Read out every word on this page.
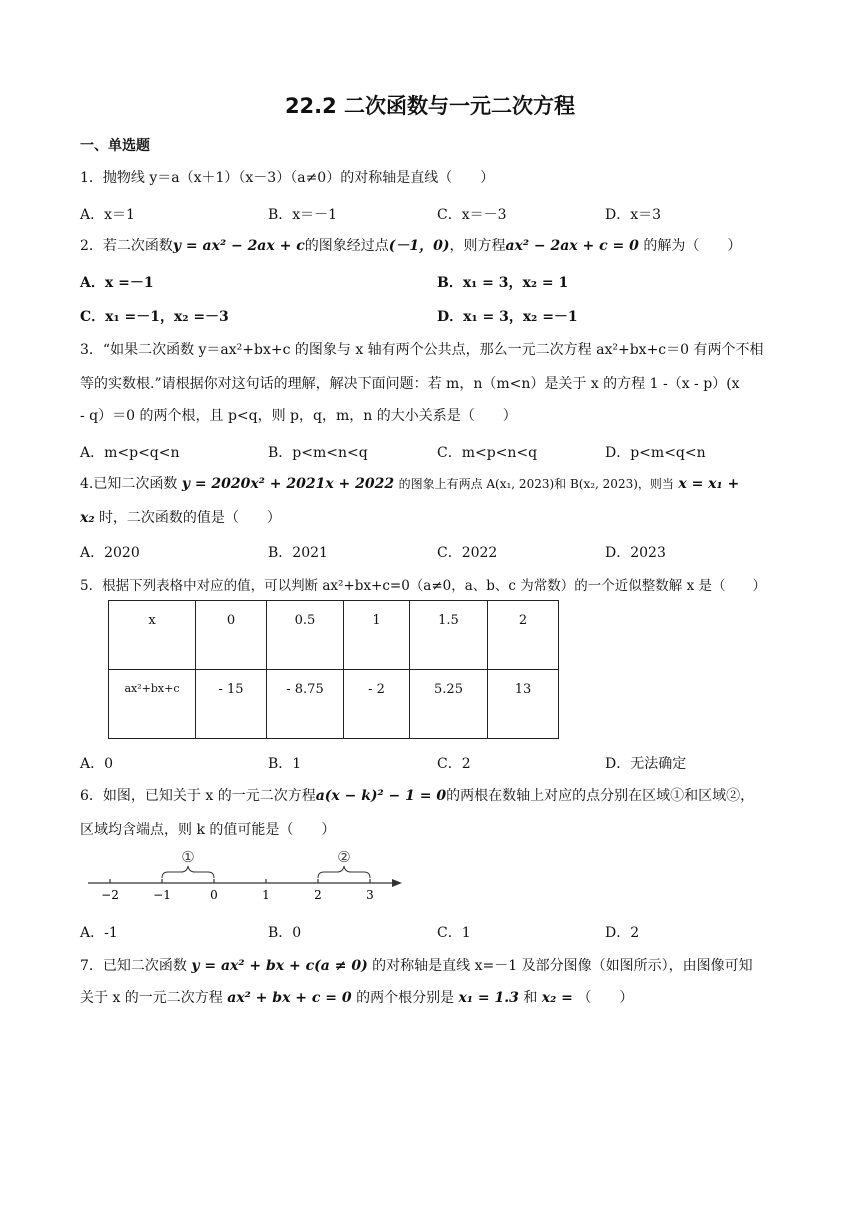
22.2 二次函数与一元二次方程
一、单选题
1．抛物线 y＝a（x＋1）（x－3）（a≠0）的对称轴是直线（　　）
A．x＝1	B．x＝－1	C．x＝－3	D．x＝3
2．若二次函数y = ax² − 2ax + c的图象经过点(－1，0)，则方程ax² − 2ax + c = 0 的解为（　　）
A．x =－1	B．x₁ = 3，x₂ = 1
C．x₁ =－1，x₂ =－3	D．x₁ = 3，x₂ =－1
3．“如果二次函数 y＝ax²+bx+c 的图象与 x 轴有两个公共点，那么一元二次方程 ax²+bx+c＝0 有两个不相
等的实数根.”请根据你对这句话的理解，解决下面问题：若 m，n（m<n）是关于 x 的方程 1 -（x - p）(x
- q）＝0 的两个根，且 p<q，则 p，q，m，n 的大小关系是（　　）
A．m<p<q<n	B．p<m<n<q	C．m<p<n<q	D．p<m<q<n
4.已知二次函数 y = 2020x² + 2021x + 2022 的图象上有两点 A(x₁, 2023)和 B(x₂, 2023)，则当 x = x₁ +
x₂ 时，二次函数的值是（　　）
A．2020	B．2021	C．2022	D．2023
5．根据下列表格中对应的值，可以判断 ax²+bx+c=0（a≠0，a、b、c 为常数）的一个近似整数解 x 是（　　）
x	0	0.5	1	1.5	2
ax²+bx+c	- 15	- 8.75	- 2	5.25	13
A．0	B．1	C．2	D．无法确定
6．如图，已知关于 x 的一元二次方程a(x − k)² − 1 = 0的两根在数轴上对应的点分别在区域①和区域②，
区域均含端点，则 k 的值可能是（　　）
−2	−1	0	1	2	3
①	②
A．-1	B．0	C．1	D．2
7．已知二次函数 y = ax² + bx + c(a ≠ 0) 的对称轴是直线 x=－1 及部分图像（如图所示），由图像可知
关于 x 的一元二次方程 ax² + bx + c = 0 的两个根分别是 x₁ = 1.3 和 x₂ = （　　）
